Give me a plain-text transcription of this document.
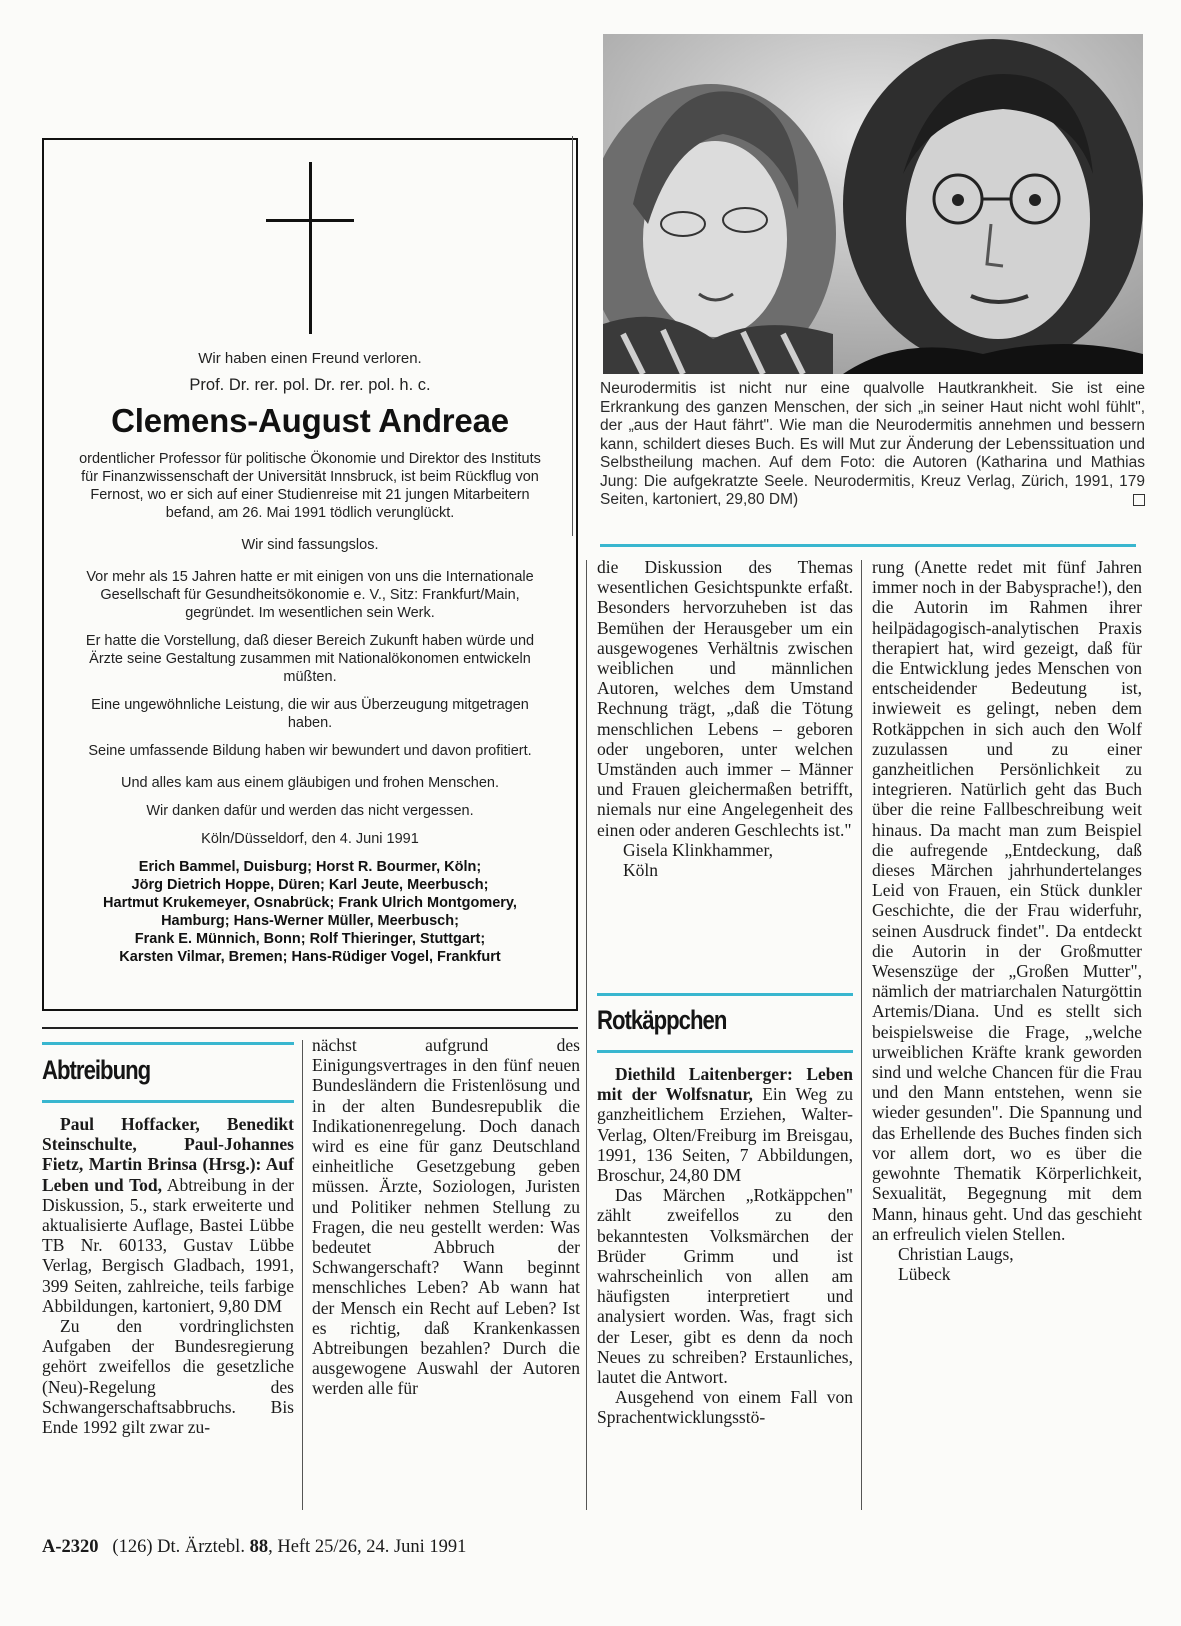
Wir haben einen Freund verloren.

Prof. Dr. rer. pol. Dr. rer. pol. h. c.

Clemens-August Andreae

ordentlicher Professor für politische Ökonomie und Direktor des Instituts für Finanzwissenschaft der Universität Innsbruck, ist beim Rückflug von Fernost, wo er sich auf einer Studienreise mit 21 jungen Mitarbeitern befand, am 26. Mai 1991 tödlich verunglückt.

Wir sind fassungslos.

Vor mehr als 15 Jahren hatte er mit einigen von uns die Internationale Gesellschaft für Gesundheitsökonomie e. V., Sitz: Frankfurt/Main, gegründet. Im wesentlichen sein Werk.

Er hatte die Vorstellung, daß dieser Bereich Zukunft haben würde und Ärzte seine Gestaltung zusammen mit Nationalökonomen entwickeln müßten.

Eine ungewöhnliche Leistung, die wir aus Überzeugung mitgetragen haben.

Seine umfassende Bildung haben wir bewundert und davon profitiert.

Und alles kam aus einem gläubigen und frohen Menschen.

Wir danken dafür und werden das nicht vergessen.

Köln/Düsseldorf, den 4. Juni 1991

Erich Bammel, Duisburg; Horst R. Bourmer, Köln;
Jörg Dietrich Hoppe, Düren; Karl Jeute, Meerbusch;
Hartmut Krukemeyer, Osnabrück; Frank Ulrich Montgomery,
Hamburg; Hans-Werner Müller, Meerbusch;
Frank E. Münnich, Bonn; Rolf Thieringer, Stuttgart;
Karsten Vilmar, Bremen; Hans-Rüdiger Vogel, Frankfurt
Neurodermitis ist nicht nur eine qualvolle Hautkrankheit. Sie ist eine Erkrankung des ganzen Menschen, der sich „in seiner Haut nicht wohl fühlt", der „aus der Haut fährt". Wie man die Neurodermitis annehmen und bessern kann, schildert dieses Buch. Es will Mut zur Änderung der Lebenssituation und Selbstheilung machen. Auf dem Foto: die Autoren (Katharina und Mathias Jung: Die aufgekratzte Seele. Neurodermitis, Kreuz Verlag, Zürich, 1991, 179 Seiten, kartoniert, 29,80 DM)
Abtreibung

Paul Hoffacker, Benedikt Steinschulte, Paul-Johannes Fietz, Martin Brinsa (Hrsg.): Auf Leben und Tod, Abtreibung in der Diskussion, 5., stark erweiterte und aktualisierte Auflage, Bastei Lübbe TB Nr. 60133, Gustav Lübbe Verlag, Bergisch Gladbach, 1991, 399 Seiten, zahlreiche, teils farbige Abbildungen, kartoniert, 9,80 DM

Zu den vordringlichsten Aufgaben der Bundesregierung gehört zweifellos die gesetzliche (Neu)-Regelung des Schwangerschaftsabbruchs. Bis Ende 1992 gilt zwar zu-

nächst aufgrund des Einigungsvertrages in den fünf neuen Bundesländern die Fristenlösung und in der alten Bundesrepublik die Indikationenregelung. Doch danach wird es eine für ganz Deutschland einheitliche Gesetzgebung geben müssen. Ärzte, Soziologen, Juristen und Politiker nehmen Stellung zu Fragen, die neu gestellt werden: Was bedeutet Abbruch der Schwangerschaft? Wann beginnt menschliches Leben? Ab wann hat der Mensch ein Recht auf Leben? Ist es richtig, daß Krankenkassen Abtreibungen bezahlen? Durch die ausgewogene Auswahl der Autoren werden alle für

die Diskussion des Themas wesentlichen Gesichtspunkte erfaßt. Besonders hervorzuheben ist das Bemühen der Herausgeber um ein ausgewogenes Verhältnis zwischen weiblichen und männlichen Autoren, welches dem Umstand Rechnung trägt, „daß die Tötung menschlichen Lebens – geboren oder ungeboren, unter welchen Umständen auch immer – Männer und Frauen gleichermaßen betrifft, niemals nur eine Angelegenheit des einen oder anderen Geschlechts ist."

Gisela Klinkhammer,

Köln

Rotkäppchen

Diethild Laitenberger: Leben mit der Wolfsnatur, Ein Weg zu ganzheitlichem Erziehen, Walter-Verlag, Olten/Freiburg im Breisgau, 1991, 136 Seiten, 7 Abbildungen, Broschur, 24,80 DM

Das Märchen „Rotkäppchen" zählt zweifellos zu den bekanntesten Volksmärchen der Brüder Grimm und ist wahrscheinlich von allen am häufigsten interpretiert und analysiert worden. Was, fragt sich der Leser, gibt es denn da noch Neues zu schreiben? Erstaunliches, lautet die Antwort.

Ausgehend von einem Fall von Sprachentwicklungsstö-

rung (Anette redet mit fünf Jahren immer noch in der Babysprache!), den die Autorin im Rahmen ihrer heilpädagogisch-analytischen Praxis therapiert hat, wird gezeigt, daß für die Entwicklung jedes Menschen von entscheidender Bedeutung ist, inwieweit es gelingt, neben dem Rotkäppchen in sich auch den Wolf zuzulassen und zu einer ganzheitlichen Persönlichkeit zu integrieren. Natürlich geht das Buch über die reine Fallbeschreibung weit hinaus. Da macht man zum Beispiel die aufregende „Entdeckung, daß dieses Märchen jahrhundertelanges Leid von Frauen, ein Stück dunkler Geschichte, die der Frau widerfuhr, seinen Ausdruck findet". Da entdeckt die Autorin in der Großmutter Wesenszüge der „Großen Mutter", nämlich der matriarchalen Naturgöttin Artemis/Diana. Und es stellt sich beispielsweise die Frage, „welche urweiblichen Kräfte krank geworden sind und welche Chancen für die Frau und den Mann entstehen, wenn sie wieder gesunden". Die Spannung und das Erhellende des Buches finden sich vor allem dort, wo es über die gewohnte Thematik Körperlichkeit, Sexualität, Begegnung mit dem Mann, hinaus geht. Und das geschieht an erfreulich vielen Stellen.

Christian Laugs,

Lübeck

A-2320 (126) Dt. Ärztebl. 88, Heft 25/26, 24. Juni 1991
